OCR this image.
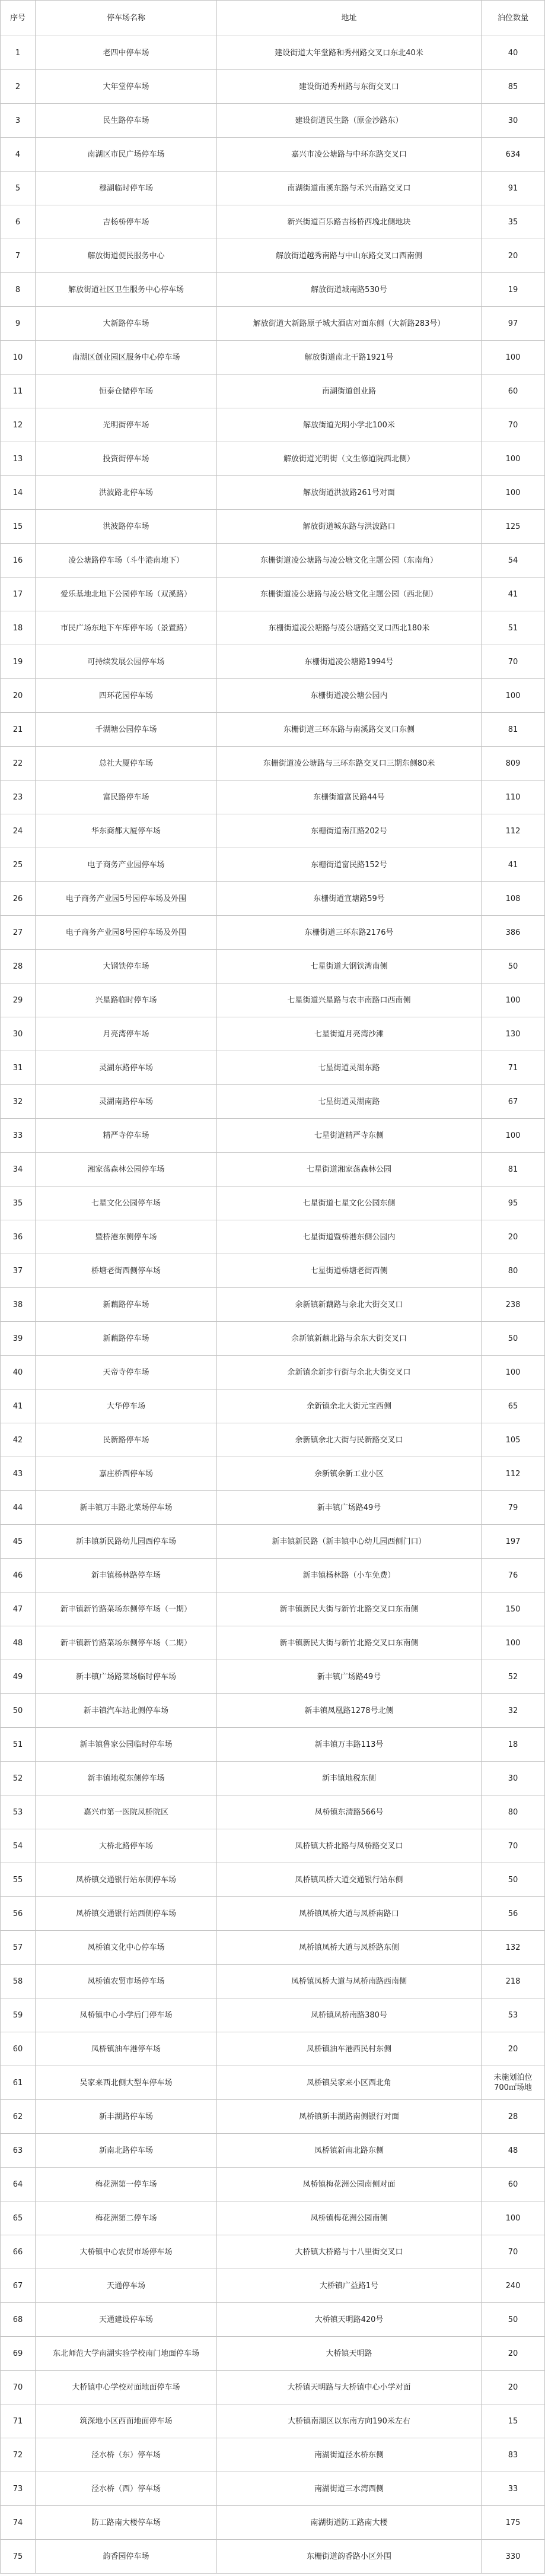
序号	停车场名称	地址	泊位数量
1	老四中停车场	建设街道大年堂路和秀州路交叉口东北40米	40
2	大年堂停车场	建设街道秀州路与东街交叉口	85
3	民生路停车场	建设街道民生路（原金沙路东）	30
4	南湖区市民广场停车场	嘉兴市凌公塘路与中环东路交叉口	634
5	穆湖临时停车场	南湖街道南溪东路与禾兴南路交叉口	91
6	吉杨桥停车场	新兴街道百乐路吉杨桥西堍北侧地块	35
7	解放街道便民服务中心	解放街道越秀南路与中山东路交叉口西南侧	20
8	解放街道社区卫生服务中心停车场	解放街道城南路530号	19
9	大新路停车场	解放街道大新路原子城大酒店对面东侧（大新路283号）	97
10	南湖区创业园区服务中心停车场	解放街道南北干路1921号	100
11	恒泰仓储停车场	南湖街道创业路	60
12	光明街停车场	解放街道光明小学北100米	70
13	投资街停车场	解放街道光明街（文生修道院西北侧）	100
14	洪波路北停车场	解放街道洪波路261号对面	100
15	洪波路停车场	解放街道城东路与洪波路口	125
16	凌公塘路停车场（斗牛港南地下）	东栅街道凌公塘路与凌公塘文化主题公园（东南角）	54
17	爱乐基地北地下公园停车场（双溪路）	东栅街道凌公塘路与凌公塘文化主题公园（西北侧）	41
18	市民广场东地下车库停车场（景置路）	东栅街道凌公塘路与凌公塘路交叉口西北180米	51
19	可持续发展公园停车场	东栅街道凌公塘路1994号	70
20	四环花园停车场	东栅街道凌公塘公园内	100
21	千湖塘公园停车场	东栅街道三环东路与南溪路交叉口东侧	81
22	总社大厦停车场	东栅街道凌公塘路与三环东路交叉口三期东侧80米	809
23	富民路停车场	东栅街道富民路44号	110
24	华东商都大厦停车场	东栅街道南江路202号	112
25	电子商务产业园停车场	东栅街道富民路152号	41
26	电子商务产业园5号园停车场及外围	东栅街道宣塘路59号	108
27	电子商务产业园8号园停车场及外围	东栅街道三环东路2176号	386
28	大钢铁停车场	七星街道大钢铁湾南侧	50
29	兴星路临时停车场	七星街道兴星路与农丰南路口西南侧	100
30	月亮湾停车场	七星街道月亮湾沙滩	130
31	灵湖东路停车场	七星街道灵湖东路	71
32	灵湖南路停车场	七星街道灵湖南路	67
33	精严寺停车场	七星街道精严寺东侧	100
34	湘家荡森林公园停车场	七星街道湘家荡森林公园	81
35	七星文化公园停车场	七星街道七星文化公园东侧	95
36	暨桥港东侧停车场	七星街道暨桥港东侧公园内	20
37	桥塘老街西侧停车场	七星街道桥塘老街西侧	80
38	新藕路停车场	余新镇新藕路与余北大街交叉口	238
39	新藕路停车场	余新镇新藕北路与余东大街交叉口	50
40	天帝寺停车场	余新镇余新步行街与余北大街交叉口	100
41	大华停车场	余新镇余北大街元宝西侧	65
42	民新路停车场	余新镇余北大街与民新路交叉口	105
43	嘉庄桥西停车场	余新镇余新工业小区	112
44	新丰镇万丰路北菜场停车场	新丰镇广场路49号	79
45	新丰镇新民路幼儿园西停车场	新丰镇新民路（新丰镇中心幼儿园西侧门口）	197
46	新丰镇杨林路停车场	新丰镇杨林路（小车免费）	76
47	新丰镇新竹路菜场东侧停车场（一期）	新丰镇新民大街与新竹北路交叉口东南侧	150
48	新丰镇新竹路菜场东侧停车场（二期）	新丰镇新民大街与新竹北路交叉口东南侧	100
49	新丰镇广场路菜场临时停车场	新丰镇广场路49号	52
50	新丰镇汽车站北侧停车场	新丰镇凤凰路1278号北侧	32
51	新丰镇鲁家公园临时停车场	新丰镇万丰路113号	18
52	新丰镇地税东侧停车场	新丰镇地税东侧	30
53	嘉兴市第一医院凤桥院区	凤桥镇东清路566号	80
54	大桥北路停车场	凤桥镇大桥北路与凤桥路交叉口	70
55	凤桥镇交通银行站东侧停车场	凤桥镇凤桥大道交通银行站东侧	50
56	凤桥镇交通银行站西侧停车场	凤桥镇凤桥大道与凤桥南路口	56
57	凤桥镇文化中心停车场	凤桥镇凤桥大道与凤桥路东侧	132
58	凤桥镇农贸市场停车场	凤桥镇凤桥大道与凤桥南路西南侧	218
59	凤桥镇中心小学后门停车场	凤桥镇凤桥南路380号	53
60	凤桥镇油车港停车场	凤桥镇油车港西民村东侧	20
61	吴家来西北侧大型车停车场	凤桥镇吴家来小区西北角
未施划泊位
700㎡场地
62	新丰湖路停车场	凤桥镇新丰湖路南侧银行对面	28
63	新南北路停车场	凤桥镇新南北路东侧	48
64	梅花洲第一停车场	凤桥镇梅花洲公园南侧对面	60
65	梅花洲第二停车场	凤桥镇梅花洲公园南侧	100
66	大桥镇中心农贸市场停车场	大桥镇大桥路与十八里街交叉口	70
67	天通停车场	大桥镇广益路1号	240
68	天通建设停车场	大桥镇天明路420号	50
69	东北师范大学南湖实验学校南门地面停车场	大桥镇天明路	20
70	大桥镇中心学校对面地面停车场	大桥镇天明路与大桥镇中心小学对面	20
71	筑深地小区西面地面停车场	大桥镇南湖区以东南方向190米左右	15
72	泾水桥（东）停车场	南湖街道泾水桥东侧	83
73	泾水桥（西）停车场	南湖街道三水湾西侧	33
74	防工路南大楼停车场	南湖街道防工路南大楼	175
75	韵香园停车场	东栅街道韵香路小区外围	330
